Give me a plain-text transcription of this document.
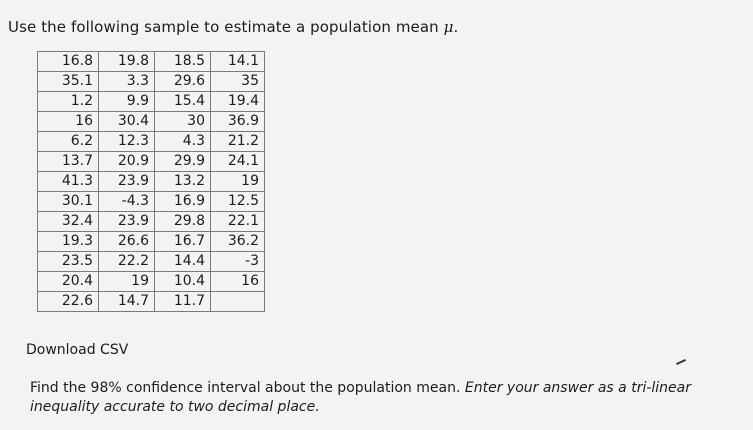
Use the following sample to estimate a population mean μ.
16.8	19.8	18.5	14.1
35.1	3.3	29.6	35
1.2	9.9	15.4	19.4
16	30.4	30	36.9
6.2	12.3	4.3	21.2
13.7	20.9	29.9	24.1
41.3	23.9	13.2	19
30.1	-4.3	16.9	12.5
32.4	23.9	29.8	22.1
19.3	26.6	16.7	36.2
23.5	22.2	14.4	-3
20.4	19	10.4	16
22.6	14.7	11.7	
Download CSV
Find the 98% confidence interval about the population mean. Enter your answer as a tri-linear inequality accurate to two decimal place.
